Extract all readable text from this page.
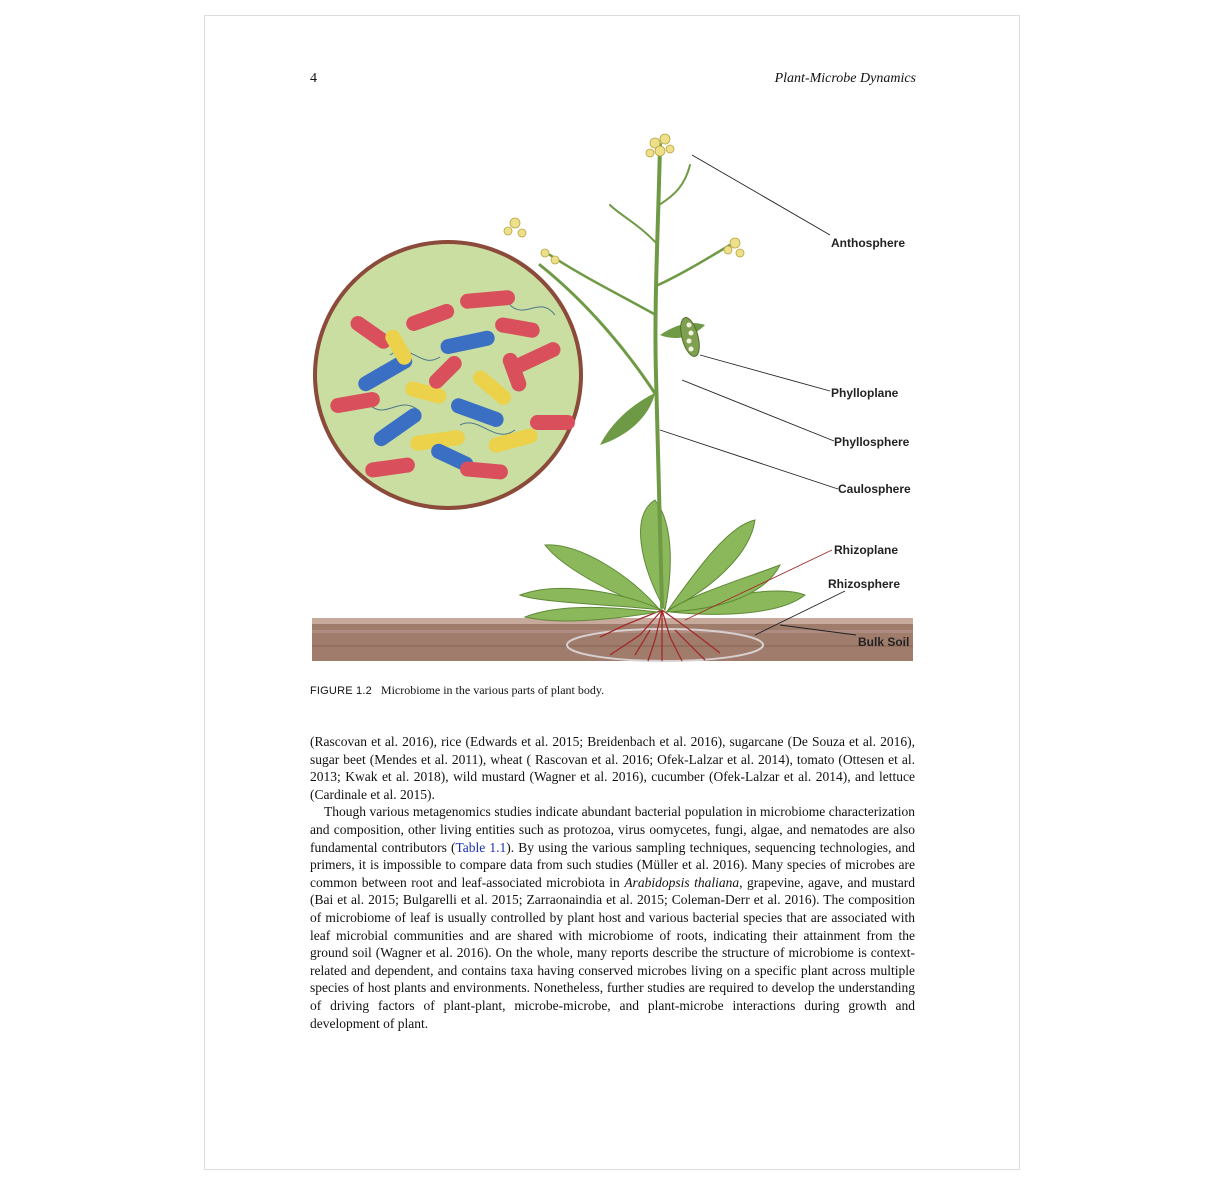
4	Plant-Microbe Dynamics
Anthosphere
Phylloplane
Phyllosphere
Caulosphere
Rhizoplane
Rhizosphere
Bulk Soil
FIGURE 1.2 Microbiome in the various parts of plant body.

(Rascovan et al. 2016), rice (Edwards et al. 2015; Breidenbach et al. 2016), sugarcane (De Souza et al. 2016), sugar beet (Mendes et al. 2011), wheat ( Rascovan et al. 2016; Ofek-Lalzar et al. 2014), tomato (Ottesen et al. 2013; Kwak et al. 2018), wild mustard (Wagner et al. 2016), cucumber (Ofek-Lalzar et al. 2014), and lettuce (Cardinale et al. 2015).

Though various metagenomics studies indicate abundant bacterial population in microbiome characterization and composition, other living entities such as protozoa, virus oomycetes, fungi, algae, and nematodes are also fundamental contributors (Table 1.1). By using the various sampling techniques, sequencing technologies, and primers, it is impossible to compare data from such studies (Müller et al. 2016). Many species of microbes are common between root and leaf-associated microbiota in Arabidopsis thaliana, grapevine, agave, and mustard (Bai et al. 2015; Bulgarelli et al. 2015; Zarraonaindia et al. 2015; Coleman-Derr et al. 2016). The composition of microbiome of leaf is usually controlled by plant host and various bacterial species that are associated with leaf microbial communities and are shared with microbiome of roots, indicating their attainment from the ground soil (Wagner et al. 2016). On the whole, many reports describe the structure of microbiome is context-related and dependent, and contains taxa having conserved microbes living on a specific plant across multiple species of host plants and environments. Nonetheless, further studies are required to develop the understanding of driving factors of plant-plant, microbe-microbe, and plant-microbe interactions during growth and development of plant.
